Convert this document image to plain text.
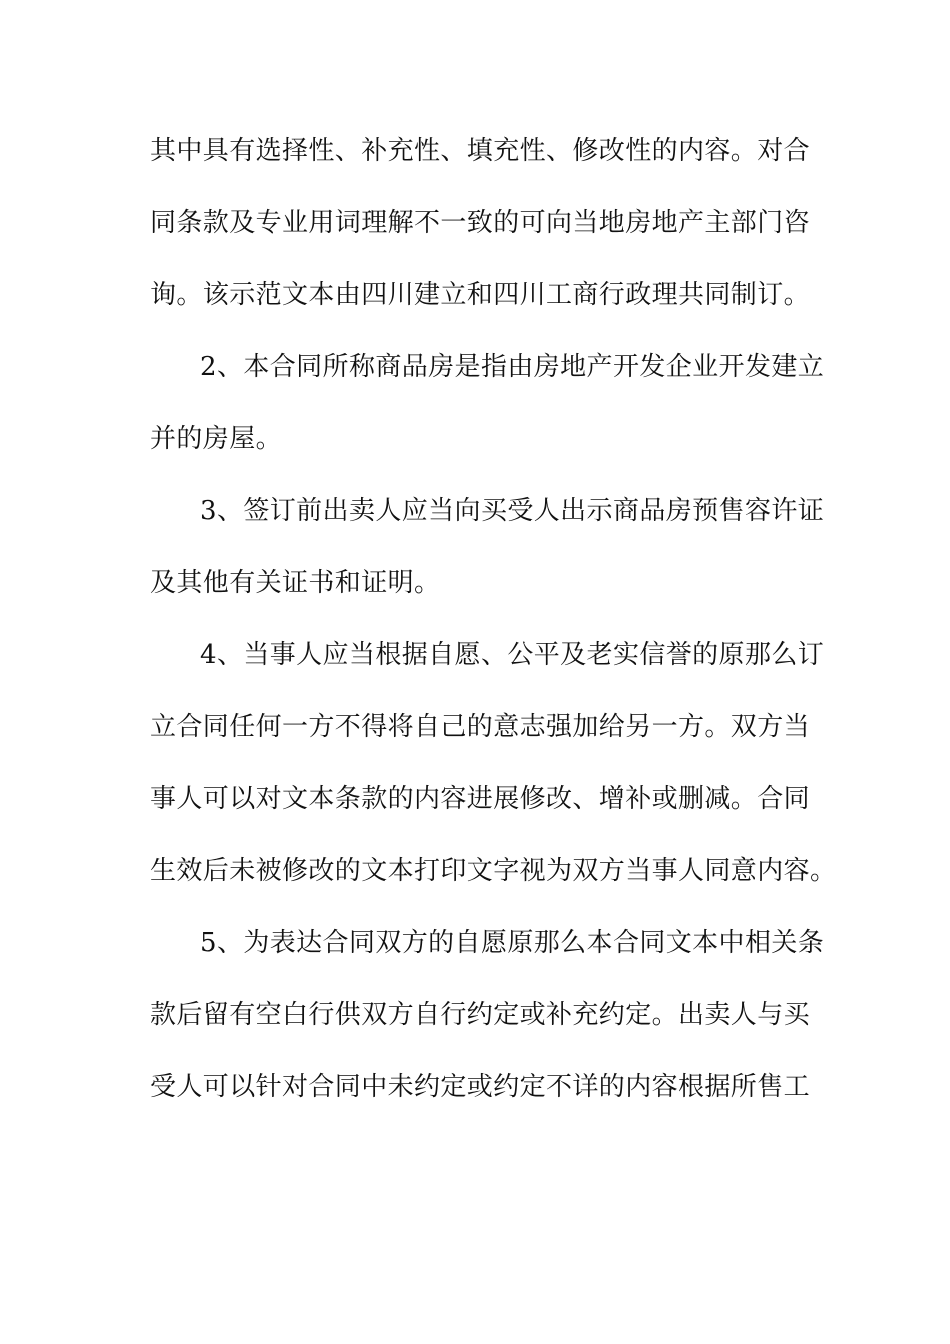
其中具有选择性、补充性、填充性、修改性的内容。对合
同条款及专业用词理解不一致的可向当地房地产主部门咨
询。该示范文本由四川建立和四川工商行政理共同制订。
2、本合同所称商品房是指由房地产开发企业开发建立
并的房屋。
3、签订前出卖人应当向买受人出示商品房预售容许证
及其他有关证书和证明。
4、当事人应当根据自愿、公平及老实信誉的原那么订
立合同任何一方不得将自己的意志强加给另一方。双方当
事人可以对文本条款的内容进展修改、增补或删减。合同
生效后未被修改的文本打印文字视为双方当事人同意内容。
5、为表达合同双方的自愿原那么本合同文本中相关条
款后留有空白行供双方自行约定或补充约定。出卖人与买
受人可以针对合同中未约定或约定不详的内容根据所售工
